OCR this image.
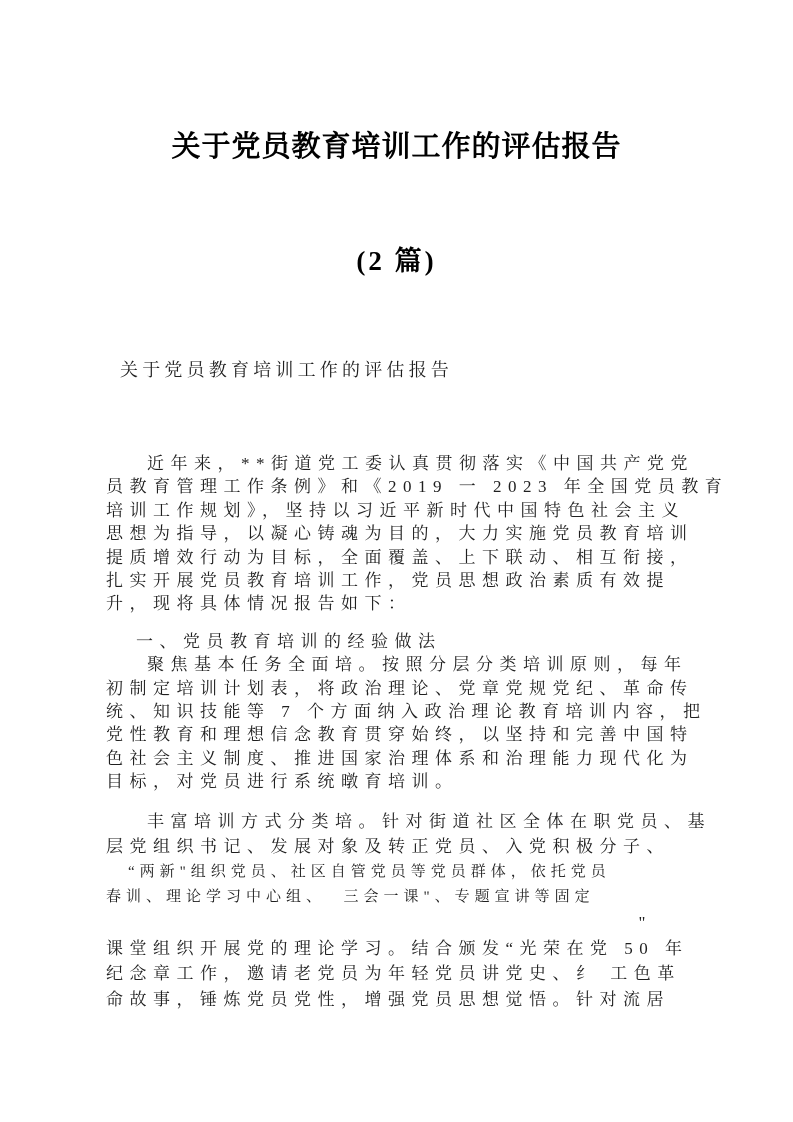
关于党员教育培训工作的评估报告
(2 篇)
关于党员教育培训工作的评估报告
近年来，**街道党工委认真贯彻落实《中国共产党党
员教育管理工作条例》和《2019 一 2023 年全国党员教育
培训工作规划》，坚持以习近平新时代中国特色社会主义
思想为指导，以凝心铸魂为目的，大力实施党员教育培训
提质增效行动为目标，全面覆盖、上下联动、相互衔接，
扎实开展党员教育培训工作，党员思想政治素质有效提
升，现将具体情况报告如下：
一、党员教育培训的经验做法
聚焦基本任务全面培。按照分层分类培训原则，每年
初制定培训计划表，将政治理论、党章党规党纪、革命传
统、知识技能等 7 个方面纳入政治理论教育培训内容，把
党性教育和理想信念教育贯穿始终，以坚持和完善中国特
色社会主义制度、推进国家治理体系和治理能力现代化为
目标，对党员进行系统暾育培训。
丰富培训方式分类培。针对街道社区全体在职党员、基
层党组织书记、发展对象及转正党员、入党积极分子、
“两新"组织党员、社区自管党员等党员群体，依托党员
春训、理论学习中心组、  三会一课"、专题宣讲等固定
"
课堂组织开展党的理论学习。结合颁发“光荣在党 50 年
纪念章工作，邀请老党员为年轻党员讲党史、纟 工色革
命故事，锤炼党员党性，增强党员思想觉悟。针对流居
